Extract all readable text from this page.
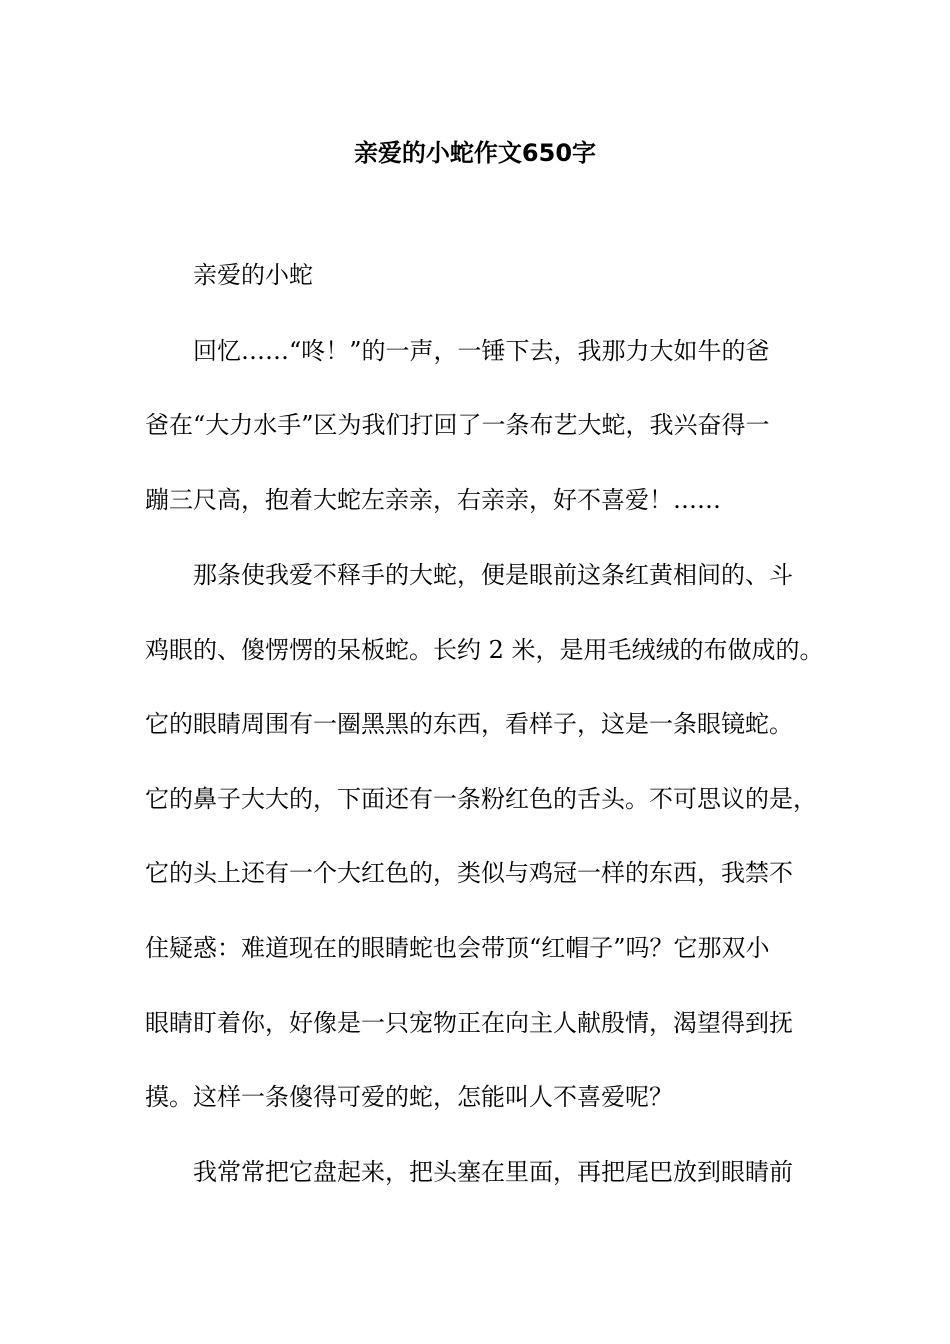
亲爱的小蛇作文650字
亲爱的小蛇
回忆……“咚！”的一声，一锤下去，我那力大如牛的爸
爸在“大力水手”区为我们打回了一条布艺大蛇，我兴奋得一
蹦三尺高，抱着大蛇左亲亲，右亲亲，好不喜爱！……
那条使我爱不释手的大蛇，便是眼前这条红黄相间的、斗
鸡眼的、傻愣愣的呆板蛇。长约 2 米，是用毛绒绒的布做成的。
它的眼睛周围有一圈黑黑的东西，看样子，这是一条眼镜蛇。
它的鼻子大大的，下面还有一条粉红色的舌头。不可思议的是，
它的头上还有一个大红色的，类似与鸡冠一样的东西，我禁不
住疑惑：难道现在的眼睛蛇也会带顶“红帽子”吗？它那双小
眼睛盯着你，好像是一只宠物正在向主人献殷情，渴望得到抚
摸。这样一条傻得可爱的蛇，怎能叫人不喜爱呢？
我常常把它盘起来，把头塞在里面，再把尾巴放到眼睛前
